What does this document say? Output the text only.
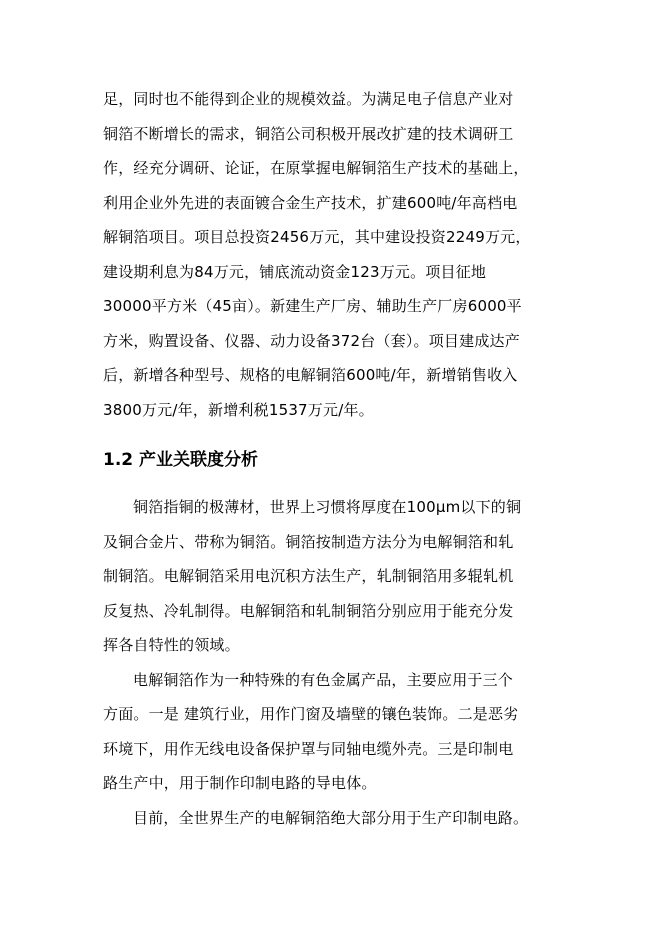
足，同时也不能得到企业的规模效益。为满足电子信息产业对
铜箔不断增长的需求，铜箔公司积极开展改扩建的技术调研工
作，经充分调研、论证，在原掌握电解铜箔生产技术的基础上，
利用企业外先进的表面镀合金生产技术，扩建600吨/年高档电
解铜箔项目。项目总投资2456万元，其中建设投资2249万元，
建设期利息为84万元，铺底流动资金123万元。项目征地
30000平方米（45亩）。新建生产厂房、辅助生产厂房6000平
方米，购置设备、仪器、动力设备372台（套）。项目建成达产
后，新增各种型号、规格的电解铜箔600吨/年，新增销售收入
3800万元/年，新增利税1537万元/年。
1.2 产业关联度分析
铜箔指铜的极薄材，世界上习惯将厚度在100μm以下的铜
及铜合金片、带称为铜箔。铜箔按制造方法分为电解铜箔和轧
制铜箔。电解铜箔采用电沉积方法生产，轧制铜箔用多辊轧机
反复热、冷轧制得。电解铜箔和轧制铜箔分别应用于能充分发
挥各自特性的领域。
电解铜箔作为一种特殊的有色金属产品，主要应用于三个
方面。一是 建筑行业，用作门窗及墙壁的镶色装饰。二是恶劣
环境下，用作无线电设备保护罩与同轴电缆外壳。三是印制电
路生产中，用于制作印制电路的导电体。
目前，全世界生产的电解铜箔绝大部分用于生产印制电路。
